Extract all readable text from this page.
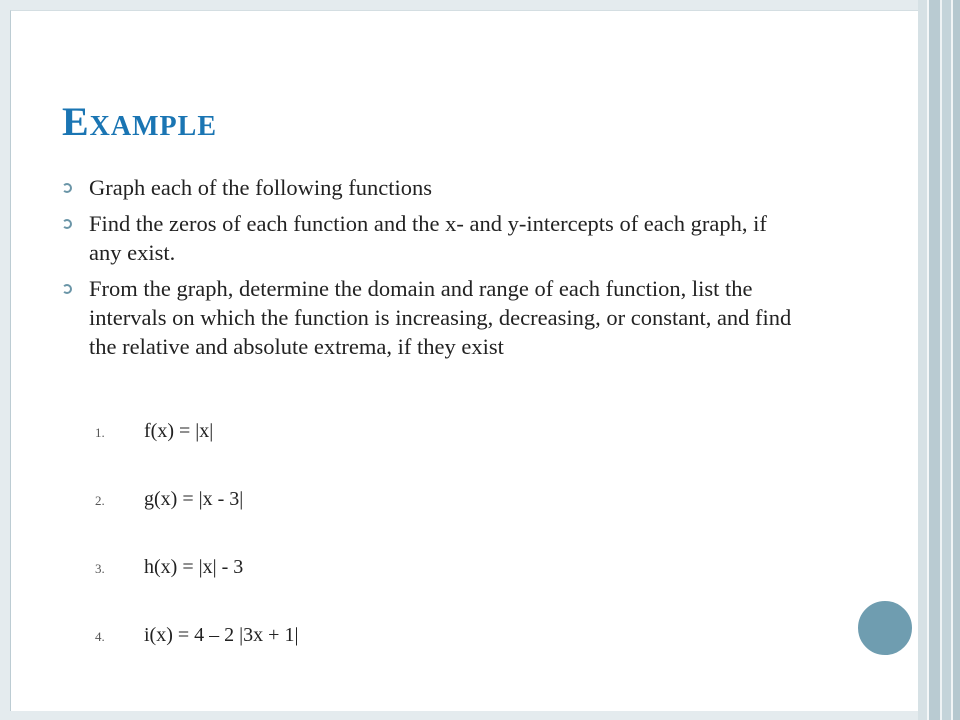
Example
Graph each of the following functions
Find the zeros of each function and the x- and y-intercepts of each graph, if any exist.
From the graph, determine the domain and range of each function, list the intervals on which the function is increasing, decreasing, or constant, and find the relative and absolute extrema, if they exist
1. f(x) = |x|
2. g(x) = |x - 3|
3. h(x) = |x| - 3
4. i(x) = 4 – 2 |3x + 1|
